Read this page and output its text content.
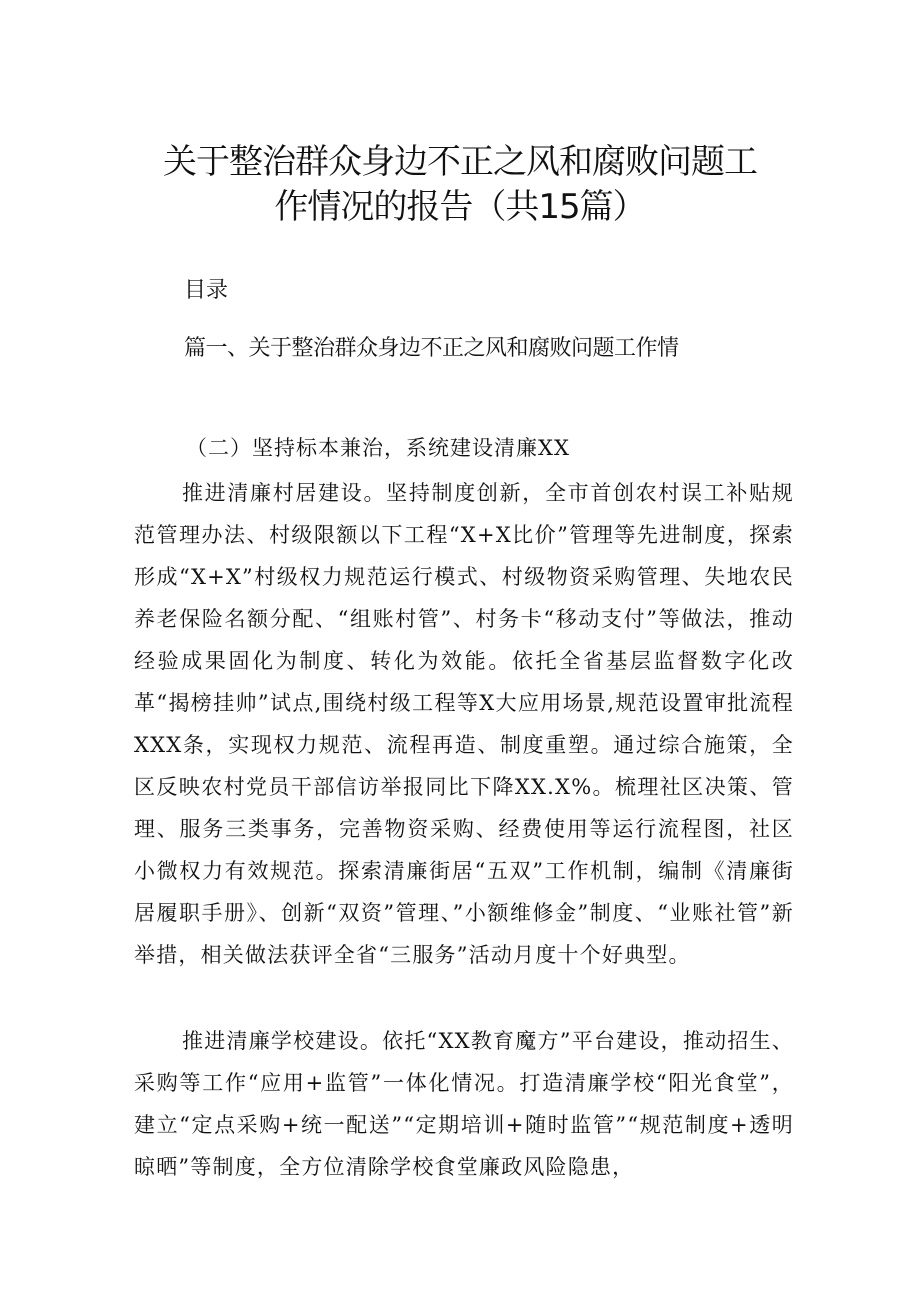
关于整治群众身边不正之风和腐败问题工
作情况的报告（共15篇）
目录
篇一、关于整治群众身边不正之风和腐败问题工作情
（二）坚持标本兼治，系统建设清廉XX

推进清廉村居建设。坚持制度创新，全市首创农村误工补贴规范管理办法、村级限额以下工程“X+X比价”管理等先进制度，探索形成“X+X”村级权力规范运行模式、村级物资采购管理、失地农民养老保险名额分配、“组账村管”、村务卡“移动支付”等做法，推动经验成果固化为制度、转化为效能。依托全省基层监督数字化改革“揭榜挂帅”试点,围绕村级工程等X大应用场景,规范设置审批流程XXX条，实现权力规范、流程再造、制度重塑。通过综合施策，全区反映农村党员干部信访举报同比下降XX.X%。梳理社区决策、管理、服务三类事务，完善物资采购、经费使用等运行流程图，社区小微权力有效规范。探索清廉街居“五双”工作机制，编制《清廉街居履职手册》、创新“双资”管理、”小额维修金”制度、“业账社管”新举措，相关做法获评全省“三服务”活动月度十个好典型。

推进清廉学校建设。依托“XX教育魔方”平台建设，推动招生、采购等工作“应用+监管”一体化情况。打造清廉学校“阳光食堂”，建立“定点采购+统一配送”“定期培训+随时监管”“规范制度+透明晾晒”等制度，全方位清除学校食堂廉政风险隐患，
